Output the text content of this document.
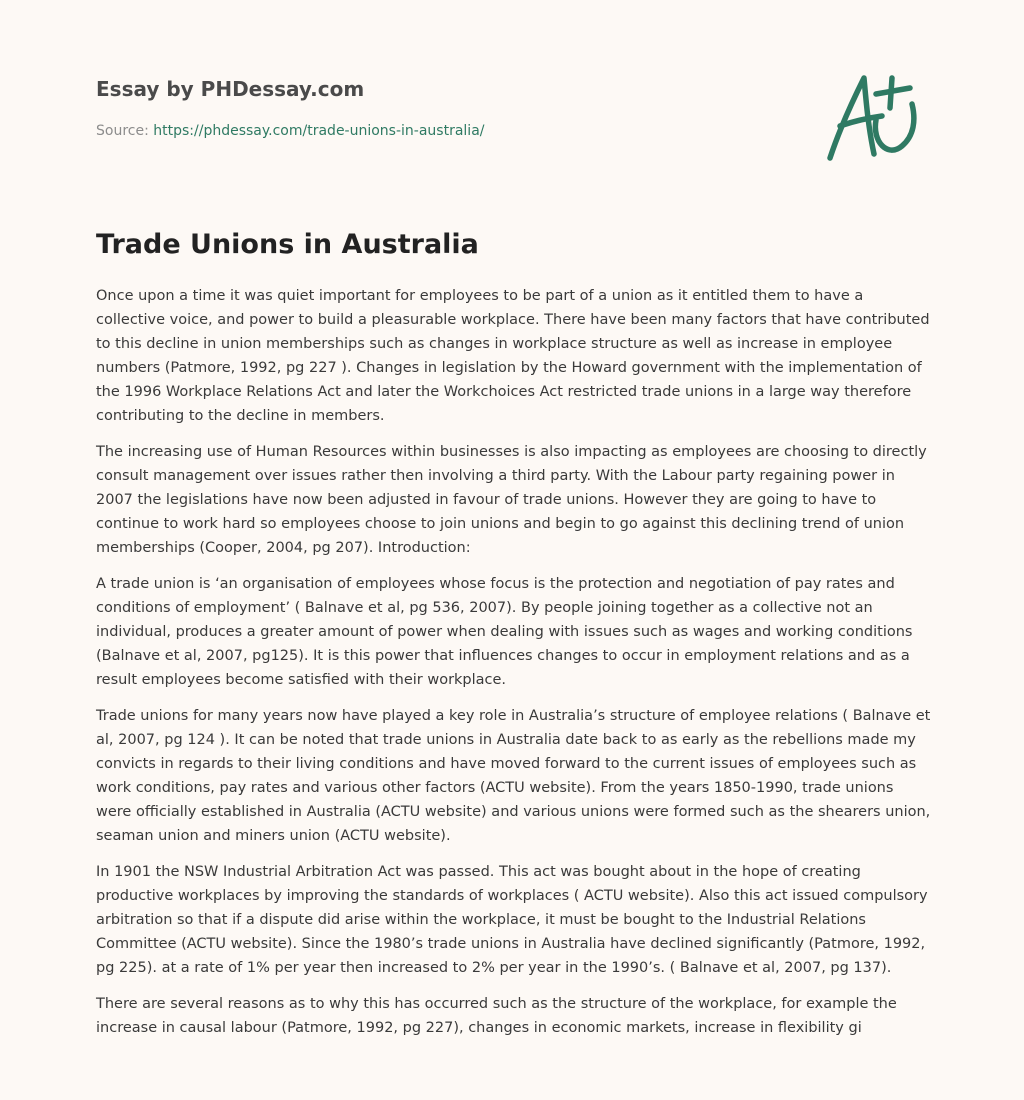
Essay by PHDessay.com
Source: https://phdessay.com/trade-unions-in-australia/
Trade Unions in Australia

Once upon a time it was quiet important for employees to be part of a union as it entitled them to have a collective voice, and power to build a pleasurable workplace. There have been many factors that have contributed to this decline in union memberships such as changes in workplace structure as well as increase in employee numbers (Patmore, 1992, pg 227 ). Changes in legislation by the Howard government with the implementation of the 1996 Workplace Relations Act and later the Workchoices Act restricted trade unions in a large way therefore contributing to the decline in members.

The increasing use of Human Resources within businesses is also impacting as employees are choosing to directly consult management over issues rather then involving a third party. With the Labour party regaining power in 2007 the legislations have now been adjusted in favour of trade unions. However they are going to have to continue to work hard so employees choose to join unions and begin to go against this declining trend of union memberships (Cooper, 2004, pg 207). Introduction:

A trade union is ‘an organisation of employees whose focus is the protection and negotiation of pay rates and conditions of employment’ ( Balnave et al, pg 536, 2007). By people joining together as a collective not an individual, produces a greater amount of power when dealing with issues such as wages and working conditions (Balnave et al, 2007, pg125). It is this power that influences changes to occur in employment relations and as a result employees become satisfied with their workplace.

Trade unions for many years now have played a key role in Australia’s structure of employee relations ( Balnave et al, 2007, pg 124 ). It can be noted that trade unions in Australia date back to as early as the rebellions made my convicts in regards to their living conditions and have moved forward to the current issues of employees such as work conditions, pay rates and various other factors (ACTU website). From the years 1850-1990, trade unions were officially established in Australia (ACTU website) and various unions were formed such as the shearers union, seaman union and miners union (ACTU website).

In 1901 the NSW Industrial Arbitration Act was passed. This act was bought about in the hope of creating productive workplaces by improving the standards of workplaces ( ACTU website). Also this act issued compulsory arbitration so that if a dispute did arise within the workplace, it must be bought to the Industrial Relations Committee (ACTU website). Since the 1980’s trade unions in Australia have declined significantly (Patmore, 1992, pg 225). at a rate of 1% per year then increased to 2% per year in the 1990’s. ( Balnave et al, 2007, pg 137).

There are several reasons as to why this has occurred such as the structure of the workplace, for example the increase in causal labour (Patmore, 1992, pg 227), changes in economic markets, increase in flexibility gi
